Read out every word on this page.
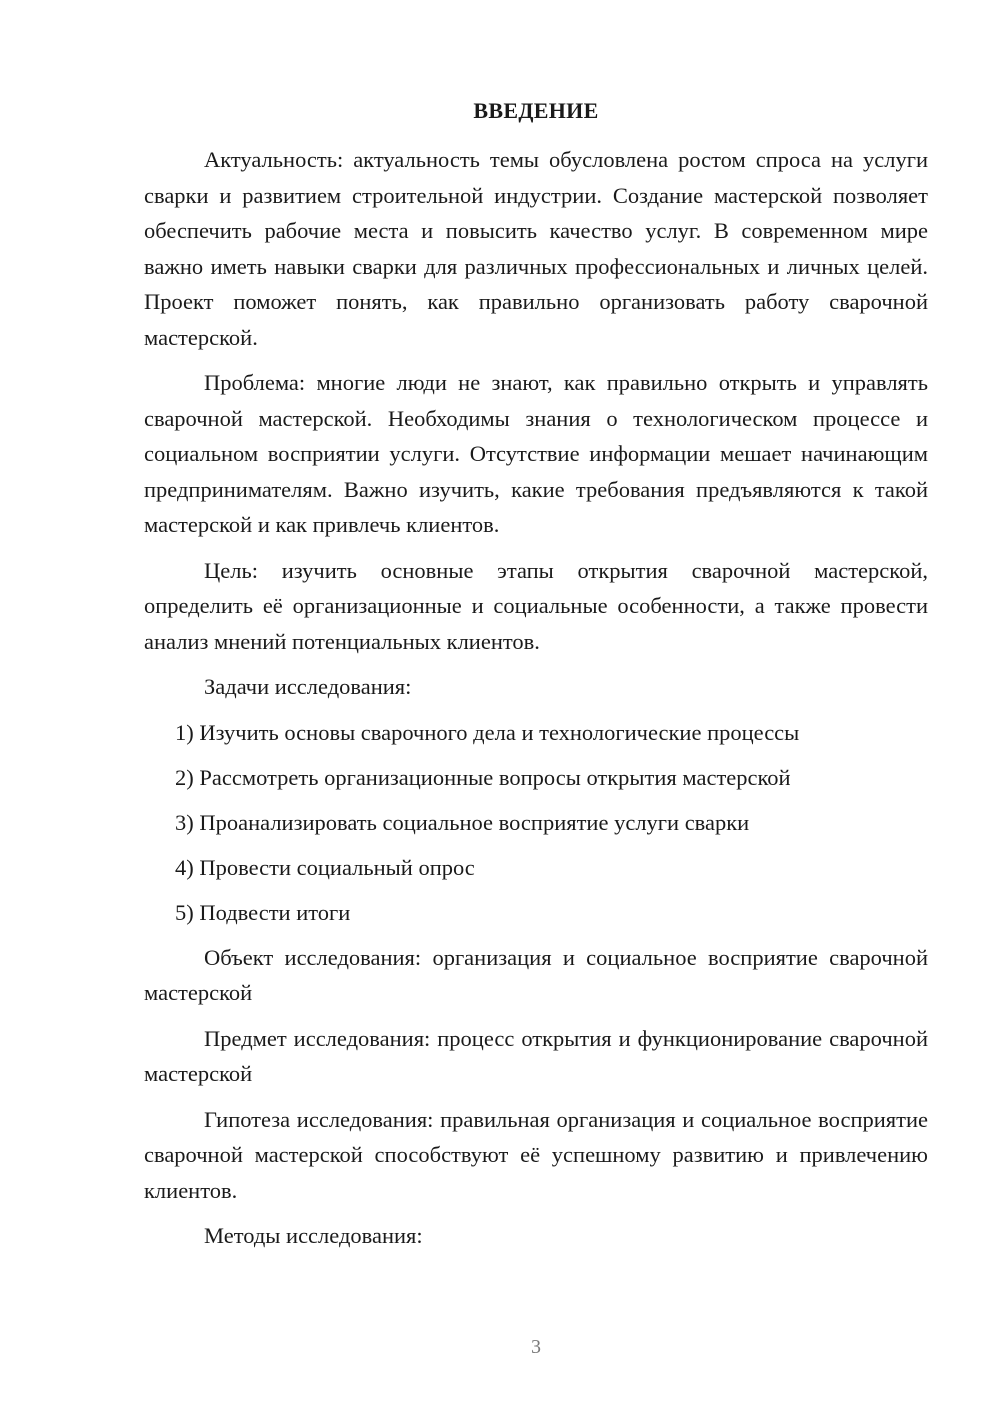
ВВЕДЕНИЕ

Актуальность: актуальность темы обусловлена ростом спроса на услуги сварки и развитием строительной индустрии. Создание мастерской позволяет обеспечить рабочие места и повысить качество услуг. В современном мире важно иметь навыки сварки для различных профессиональных и личных целей. Проект поможет понять, как правильно организовать работу сварочной мастерской.

Проблема: многие люди не знают, как правильно открыть и управлять сварочной мастерской. Необходимы знания о технологическом процессе и социальном восприятии услуги. Отсутствие информации мешает начинающим предпринимателям. Важно изучить, какие требования предъявляются к такой мастерской и как привлечь клиентов.

Цель: изучить основные этапы открытия сварочной мастерской, определить её организационные и социальные особенности, а также провести анализ мнений потенциальных клиентов.

Задачи исследования:

1) Изучить основы сварочного дела и технологические процессы
2) Рассмотреть организационные вопросы открытия мастерской
3) Проанализировать социальное восприятие услуги сварки
4) Провести социальный опрос
5) Подвести итоги

Объект исследования: организация и социальное восприятие сварочной мастерской

Предмет исследования: процесс открытия и функционирование сварочной мастерской

Гипотеза исследования: правильная организация и социальное восприятие сварочной мастерской способствуют её успешному развитию и привлечению клиентов.

Методы исследования:

3
